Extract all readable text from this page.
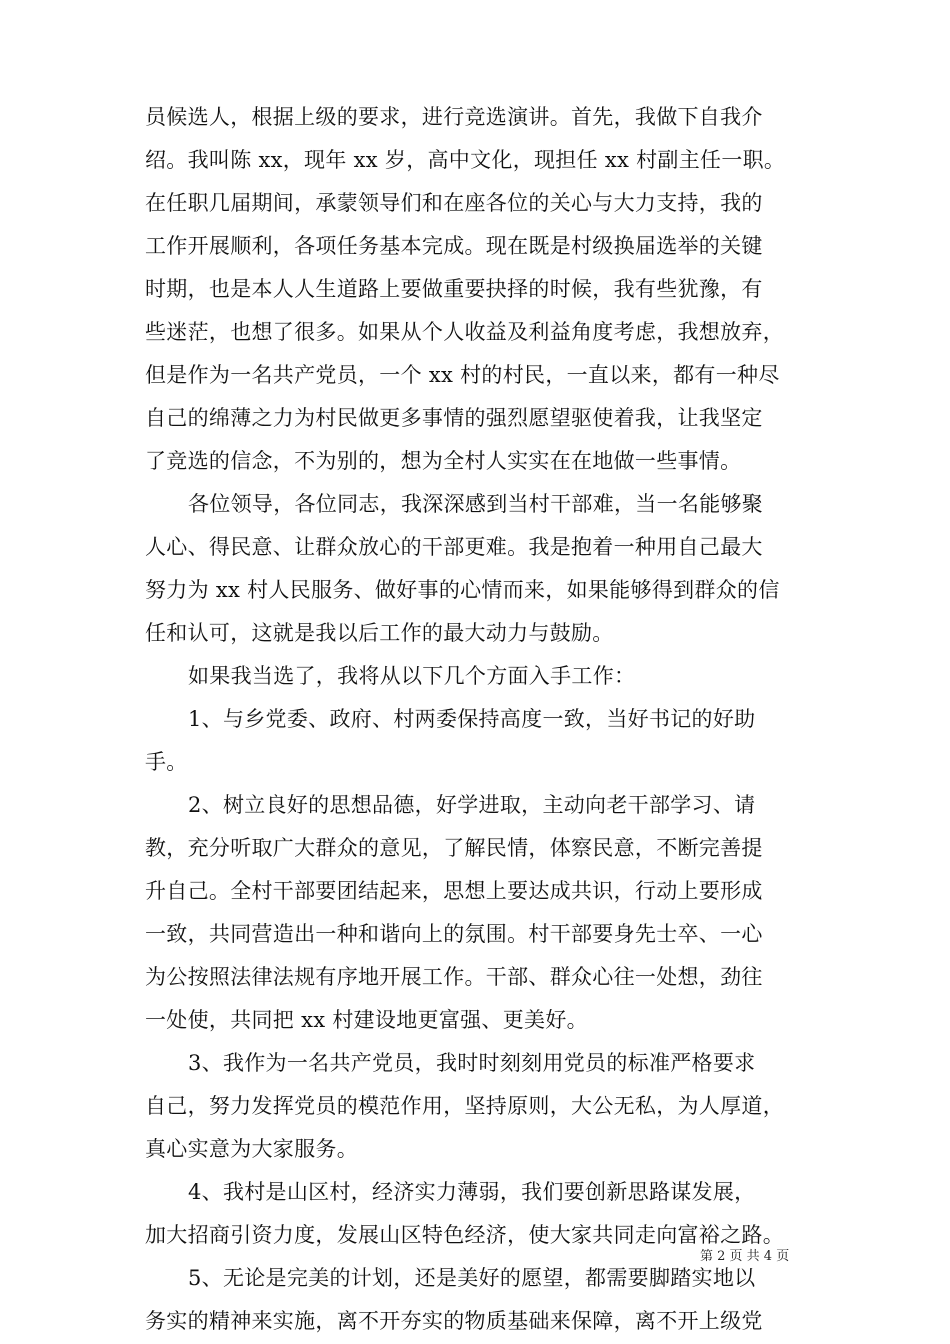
员候选人，根据上级的要求，进行竞选演讲。首先，我做下自我介
绍。我叫陈 xx，现年 xx 岁，高中文化，现担任 xx 村副主任一职。
在任职几届期间，承蒙领导们和在座各位的关心与大力支持，我的
工作开展顺利，各项任务基本完成。现在既是村级换届选举的关键
时期，也是本人人生道路上要做重要抉择的时候，我有些犹豫，有
些迷茫，也想了很多。如果从个人收益及利益角度考虑，我想放弃，
但是作为一名共产党员，一个 xx 村的村民，一直以来，都有一种尽
自己的绵薄之力为村民做更多事情的强烈愿望驱使着我，让我坚定
了竞选的信念，不为别的，想为全村人实实在在地做一些事情。
各位领导，各位同志，我深深感到当村干部难，当一名能够聚
人心、得民意、让群众放心的干部更难。我是抱着一种用自己最大
努力为 xx 村人民服务、做好事的心情而来，如果能够得到群众的信
任和认可，这就是我以后工作的最大动力与鼓励。
如果我当选了，我将从以下几个方面入手工作：
1、与乡党委、政府、村两委保持高度一致，当好书记的好助
手。
2、树立良好的思想品德，好学进取，主动向老干部学习、请
教，充分听取广大群众的意见，了解民情，体察民意，不断完善提
升自己。全村干部要团结起来，思想上要达成共识，行动上要形成
一致，共同营造出一种和谐向上的氛围。村干部要身先士卒、一心
为公按照法律法规有序地开展工作。干部、群众心往一处想，劲往
一处使，共同把 xx 村建设地更富强、更美好。
3、我作为一名共产党员，我时时刻刻用党员的标准严格要求
自己，努力发挥党员的模范作用，坚持原则，大公无私，为人厚道，
真心实意为大家服务。
4、我村是山区村，经济实力薄弱，我们要创新思路谋发展，
加大招商引资力度，发展山区特色经济，使大家共同走向富裕之路。
5、无论是完美的计划，还是美好的愿望，都需要脚踏实地以
务实的精神来实施，离不开夯实的物质基础来保障，离不开上级党
第 2 页 共 4 页
